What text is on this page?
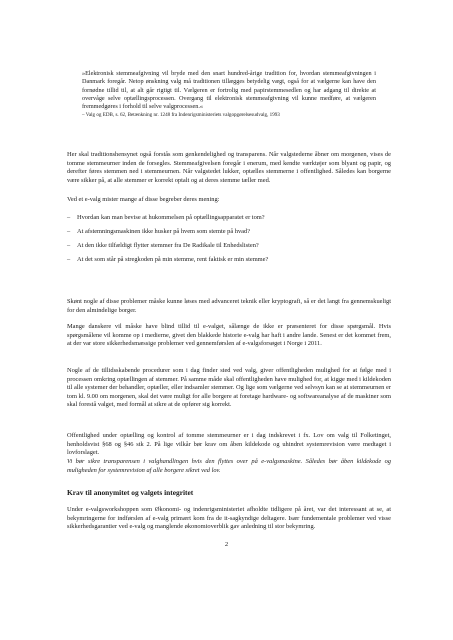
»Elektronisk stemmeafgivning vil bryde med den snart hundred-årige tradition for, hvordan stemmeafgivningen i Danmark foregår. Netop ønskning valg må traditionen tillægges betydelig vægt, også for at vælgerne kan have den fornødne tillid til, at alt går rigtigt til. Vælgeren er fortrolig med papirstemmesedlen og har adgang til direkte at overvåge selve optællingsprocessen. Overgang til elektronisk stemmeafgivning vil kunne medføre, at vælgeren fremmedgøres i forhold til selve valgprocessen.«

– Valg og EDB, s. 62, Betænkning nr. 1248 fra Indenrigsministeriets valgopgørelsesudvalg, 1993

Her skal traditionshensynet også forstås som genkendelighed og transparens. Når valgstederne åbner om morgenen, vises de tomme stemmeurner inden de forsegles. Stemmeafgivelsen foregår i enerum, med kendte værktøjer som blyant og papir, og derefter føres stemmen ned i stemmeurnen. Når valgstedet lukker, optælles stemmerne i offentlighed. Således kan borgerne være sikker på, at alle stemmer er korrekt optalt og at deres stemme tæller med.

Ved et e-valg mister mange af disse begreber deres mening:

– Hvordan kan man bevise at hukommelsen på optællingsapparatet er tom?
– At afstemningsmaskinen ikke husker på hvem som stemte på hvad?
– At den ikke tilfældigt flytter stemmer fra De Radikale til Enhedslisten?
– At det som står på stregkoden på min stemme, rent faktisk er min stemme?

Skønt nogle af disse problemer måske kunne løses med advanceret teknik eller kryptografi, så er det langt fra gennemskueligt for den almindelige borger.

Mange danskere vil måske have blind tillid til e-valget, sålænge de ikke er præsenteret for disse spørgsmål. Hvis spørgsmålene vil komme op i medierne, givet den blakkede historie e-valg har haft i andre lande. Senest er det kommet frem, at der var store sikkerhedsmæssige problemer ved gennemførslen af e-valgsforsøget i Norge i 2011.

Nogle af de tillidsskabende procedurer som i dag finder sted ved valg, giver offentligheden mulighed for at følge med i processen omkring optællingen af stemmer. På samme måde skal offentligheden have mulighed for, at kigge med i kildekoden til alle systemer der behandler, optæller, eller indsamler stemmer. Og lige som vælgerne ved selvsyn kan se at stemmeurnen er tom kl. 9.00 om morgenen, skal det være muligt for alle borgere at foretage hardware- og softwareanalyse af de maskiner som skal forestå valget, med formål at sikre at de opfører sig korrekt.

Offentlighed under optælling og kontrol af tomme stemmeurner er i dag indskrevet i fx. Lov om valg til Folketinget, henholdsvist §68 og §46 stk 2. På lige vilkår bør krav om åben kildekode og uhindret systemrevision være medtaget i lovforslaget.

Vi bør sikre transparensen i valghandlingen hvis den flyttes over på e-valgsmaskine. Således bør åben kildekode og muligheden for systemrevision af alle borgere sikret ved lov.

Krav til anonymitet og valgets integritet

Under e-valgsworkshoppen som Økonomi- og indenrigsministeriet afholdte tidligere på året, var det interessant at se, at bekymringerne for indførslen af e-valg primært kom fra de it-sagkyndige deltagere. Især fundementale problemer ved visse sikkerhedsgarantier ved e-valg og manglende økonomioverblik gav anledning til stor bekymring.

2
